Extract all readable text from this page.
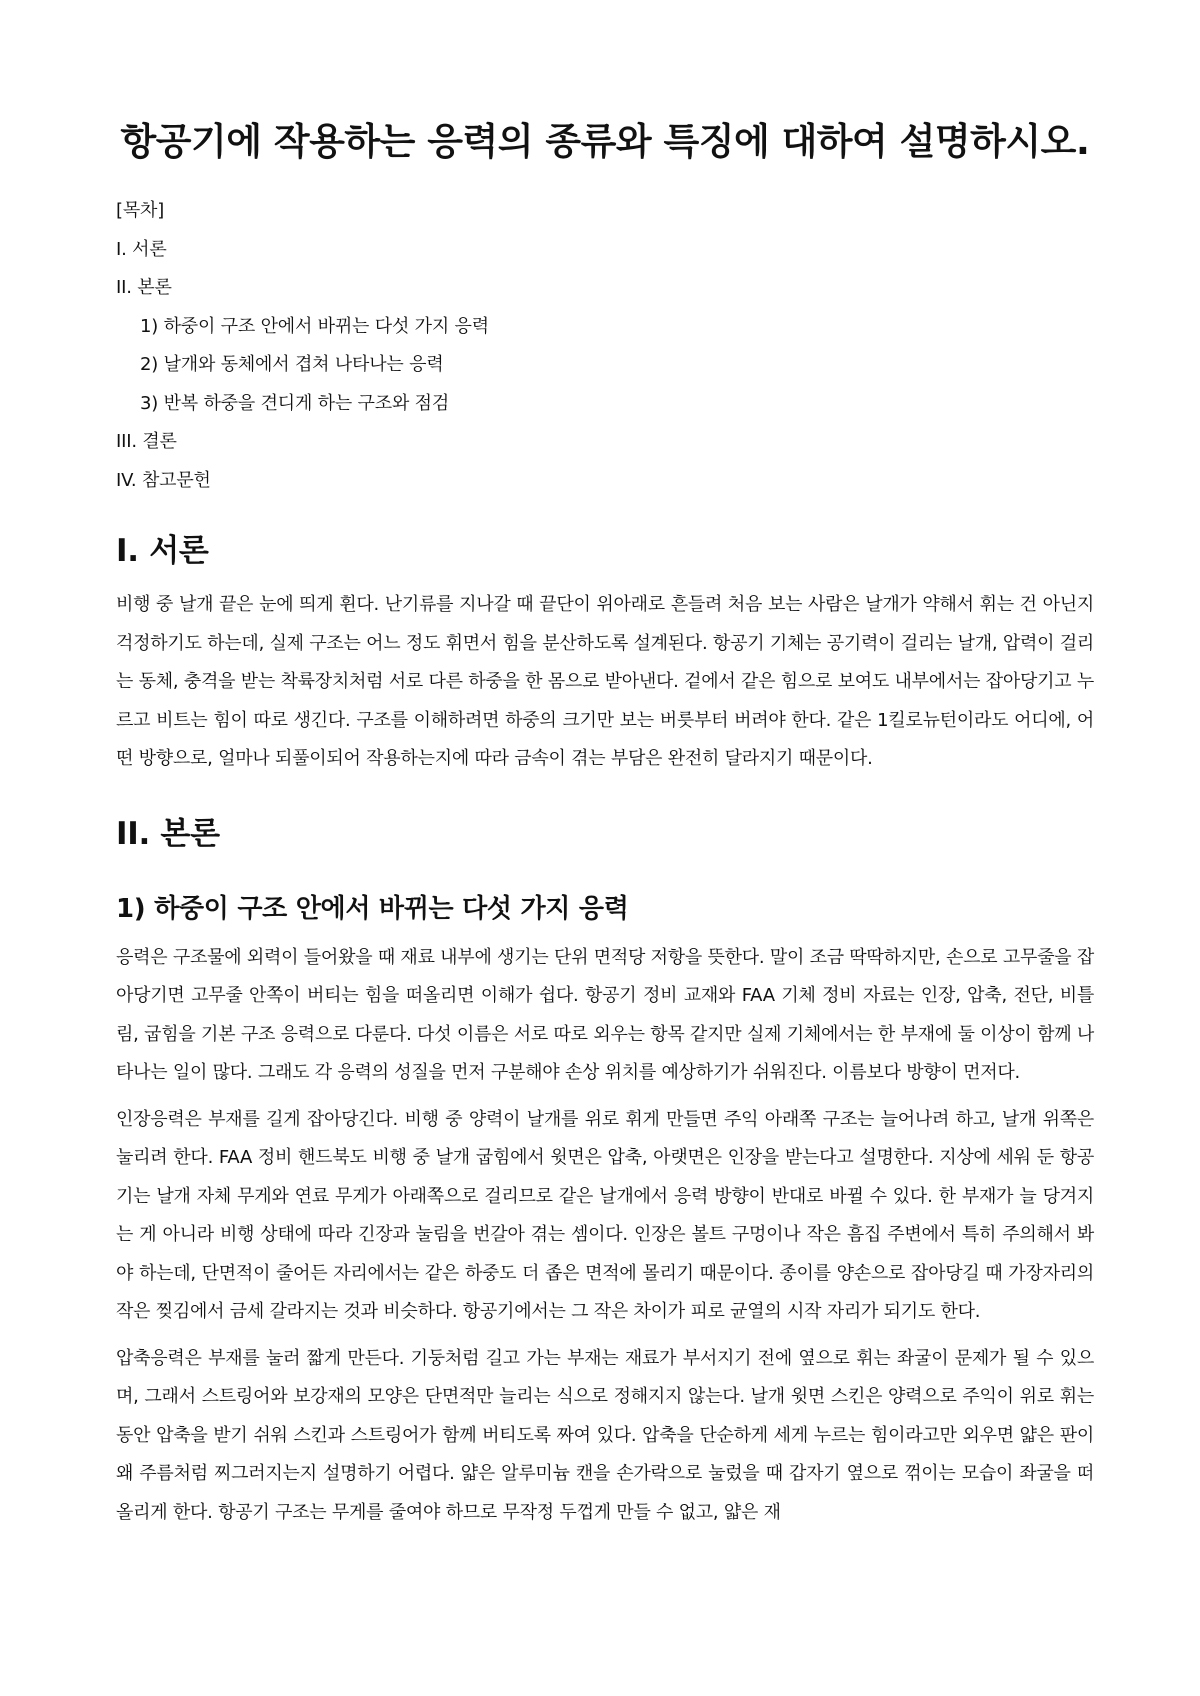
항공기에 작용하는 응력의 종류와 특징에 대하여 설명하시오.
[목차]
I. 서론
II. 본론
1) 하중이 구조 안에서 바뀌는 다섯 가지 응력
2) 날개와 동체에서 겹쳐 나타나는 응력
3) 반복 하중을 견디게 하는 구조와 점검
III. 결론
IV. 참고문헌
I. 서론

비행 중 날개 끝은 눈에 띄게 휜다. 난기류를 지나갈 때 끝단이 위아래로 흔들려 처음 보는 사람은 날개가 약해서 휘는 건 아닌지 걱정하기도 하는데, 실제 구조는 어느 정도 휘면서 힘을 분산하도록 설계된다. 항공기 기체는 공기력이 걸리는 날개, 압력이 걸리는 동체, 충격을 받는 착륙장치처럼 서로 다른 하중을 한 몸으로 받아낸다. 겉에서 같은 힘으로 보여도 내부에서는 잡아당기고 누르고 비트는 힘이 따로 생긴다. 구조를 이해하려면 하중의 크기만 보는 버릇부터 버려야 한다. 같은 1킬로뉴턴이라도 어디에, 어떤 방향으로, 얼마나 되풀이되어 작용하는지에 따라 금속이 겪는 부담은 완전히 달라지기 때문이다.

II. 본론
1) 하중이 구조 안에서 바뀌는 다섯 가지 응력

응력은 구조물에 외력이 들어왔을 때 재료 내부에 생기는 단위 면적당 저항을 뜻한다. 말이 조금 딱딱하지만, 손으로 고무줄을 잡아당기면 고무줄 안쪽이 버티는 힘을 떠올리면 이해가 쉽다. 항공기 정비 교재와 FAA 기체 정비 자료는 인장, 압축, 전단, 비틀림, 굽힘을 기본 구조 응력으로 다룬다. 다섯 이름은 서로 따로 외우는 항목 같지만 실제 기체에서는 한 부재에 둘 이상이 함께 나타나는 일이 많다. 그래도 각 응력의 성질을 먼저 구분해야 손상 위치를 예상하기가 쉬워진다. 이름보다 방향이 먼저다.

인장응력은 부재를 길게 잡아당긴다. 비행 중 양력이 날개를 위로 휘게 만들면 주익 아래쪽 구조는 늘어나려 하고, 날개 위쪽은 눌리려 한다. FAA 정비 핸드북도 비행 중 날개 굽힘에서 윗면은 압축, 아랫면은 인장을 받는다고 설명한다. 지상에 세워 둔 항공기는 날개 자체 무게와 연료 무게가 아래쪽으로 걸리므로 같은 날개에서 응력 방향이 반대로 바뀔 수 있다. 한 부재가 늘 당겨지는 게 아니라 비행 상태에 따라 긴장과 눌림을 번갈아 겪는 셈이다. 인장은 볼트 구멍이나 작은 흠집 주변에서 특히 주의해서 봐야 하는데, 단면적이 줄어든 자리에서는 같은 하중도 더 좁은 면적에 몰리기 때문이다. 종이를 양손으로 잡아당길 때 가장자리의 작은 찢김에서 금세 갈라지는 것과 비슷하다. 항공기에서는 그 작은 차이가 피로 균열의 시작 자리가 되기도 한다.

압축응력은 부재를 눌러 짧게 만든다. 기둥처럼 길고 가는 부재는 재료가 부서지기 전에 옆으로 휘는 좌굴이 문제가 될 수 있으며, 그래서 스트링어와 보강재의 모양은 단면적만 늘리는 식으로 정해지지 않는다. 날개 윗면 스킨은 양력으로 주익이 위로 휘는 동안 압축을 받기 쉬워 스킨과 스트링어가 함께 버티도록 짜여 있다. 압축을 단순하게 세게 누르는 힘이라고만 외우면 얇은 판이 왜 주름처럼 찌그러지는지 설명하기 어렵다. 얇은 알루미늄 캔을 손가락으로 눌렀을 때 갑자기 옆으로 꺾이는 모습이 좌굴을 떠올리게 한다. 항공기 구조는 무게를 줄여야 하므로 무작정 두껍게 만들 수 없고, 얇은 재
